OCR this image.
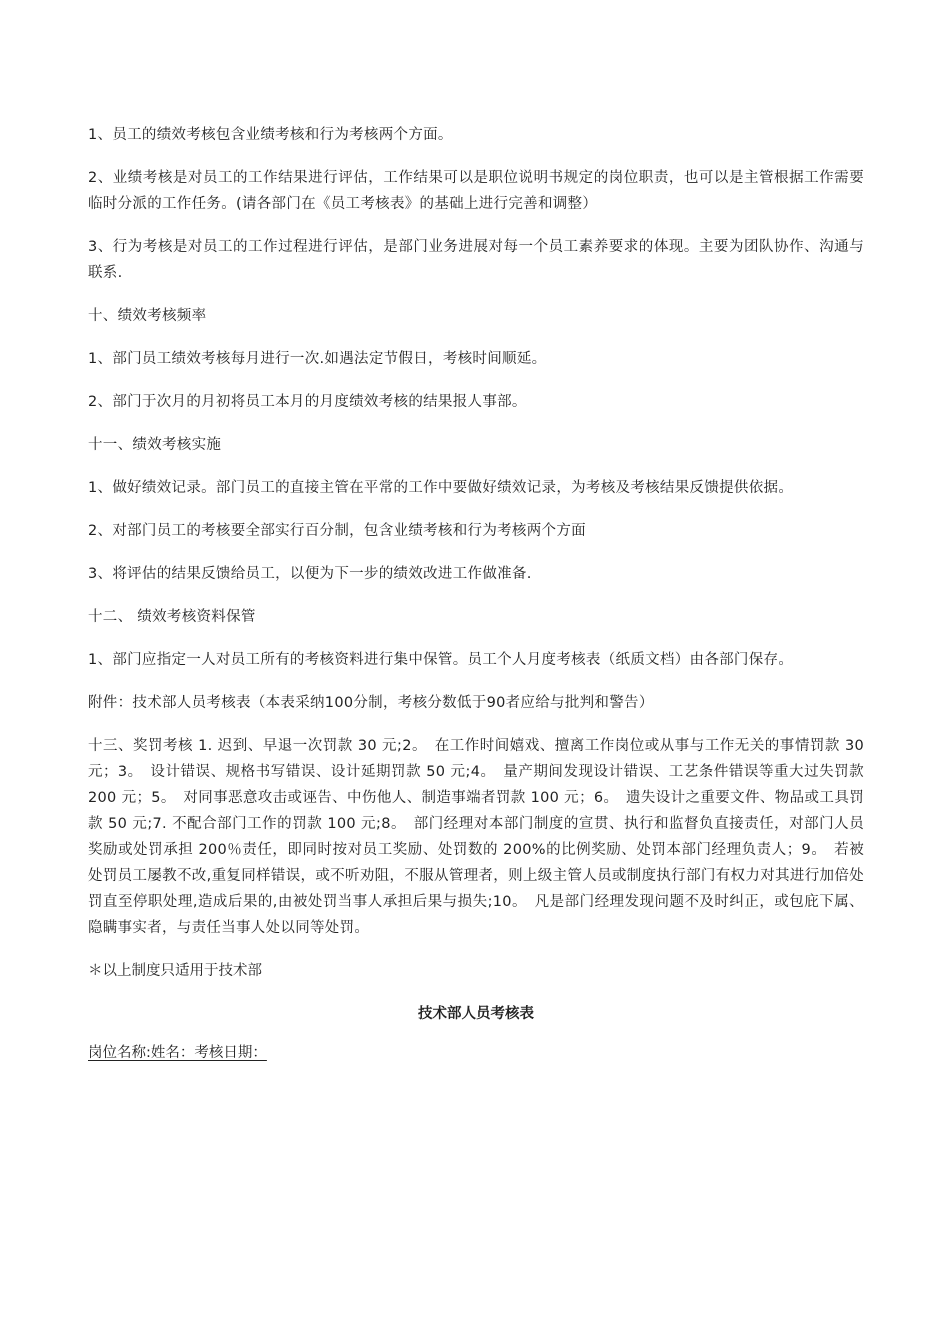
1、员工的绩效考核包含业绩考核和行为考核两个方面。

2、业绩考核是对员工的工作结果进行评估，工作结果可以是职位说明书规定的岗位职责，也可以是主管根据工作需要临时分派的工作任务。(请各部门在《员工考核表》的基础上进行完善和调整）

3、行为考核是对员工的工作过程进行评估，是部门业务进展对每一个员工素养要求的体现。主要为团队协作、沟通与联系.

十、绩效考核频率

1、部门员工绩效考核每月进行一次.如遇法定节假日，考核时间顺延。

2、部门于次月的月初将员工本月的月度绩效考核的结果报人事部。

十一、绩效考核实施

1、做好绩效记录。部门员工的直接主管在平常的工作中要做好绩效记录，为考核及考核结果反馈提供依据。

2、对部门员工的考核要全部实行百分制，包含业绩考核和行为考核两个方面

3、将评估的结果反馈给员工，以便为下一步的绩效改进工作做准备.

十二、 绩效考核资料保管

1、部门应指定一人对员工所有的考核资料进行集中保管。员工个人月度考核表（纸质文档）由各部门保存。

附件：技术部人员考核表（本表采纳100分制，考核分数低于90者应给与批判和警告）

十三、奖罚考核 1. 迟到、早退一次罚款 30 元;2。　在工作时间嬉戏、擅离工作岗位或从事与工作无关的事情罚款 30 元；3。　设计错误、规格书写错误、设计延期罚款 50 元;4。　量产期间发现设计错误、工艺条件错误等重大过失罚款 200 元；5。　对同事恶意攻击或诬告、中伤他人、制造事端者罚款 100 元；6。　遗失设计之重要文件、物品或工具罚款 50 元;7. 不配合部门工作的罚款 100 元;8。　部门经理对本部门制度的宣贯、执行和监督负直接责任，对部门人员奖励或处罚承担 200％责任，即同时按对员工奖励、处罚数的 200%的比例奖励、处罚本部门经理负责人；9。　若被处罚员工屡教不改,重复同样错误，或不听劝阻，不服从管理者，则上级主管人员或制度执行部门有权力对其进行加倍处罚直至停职处理,造成后果的,由被处罚当事人承担后果与损失;10。　凡是部门经理发现问题不及时纠正，或包庇下属、隐瞒事实者，与责任当事人处以同等处罚。

＊以上制度只适用于技术部

技术部人员考核表
岗位名称:姓名：考核日期：
